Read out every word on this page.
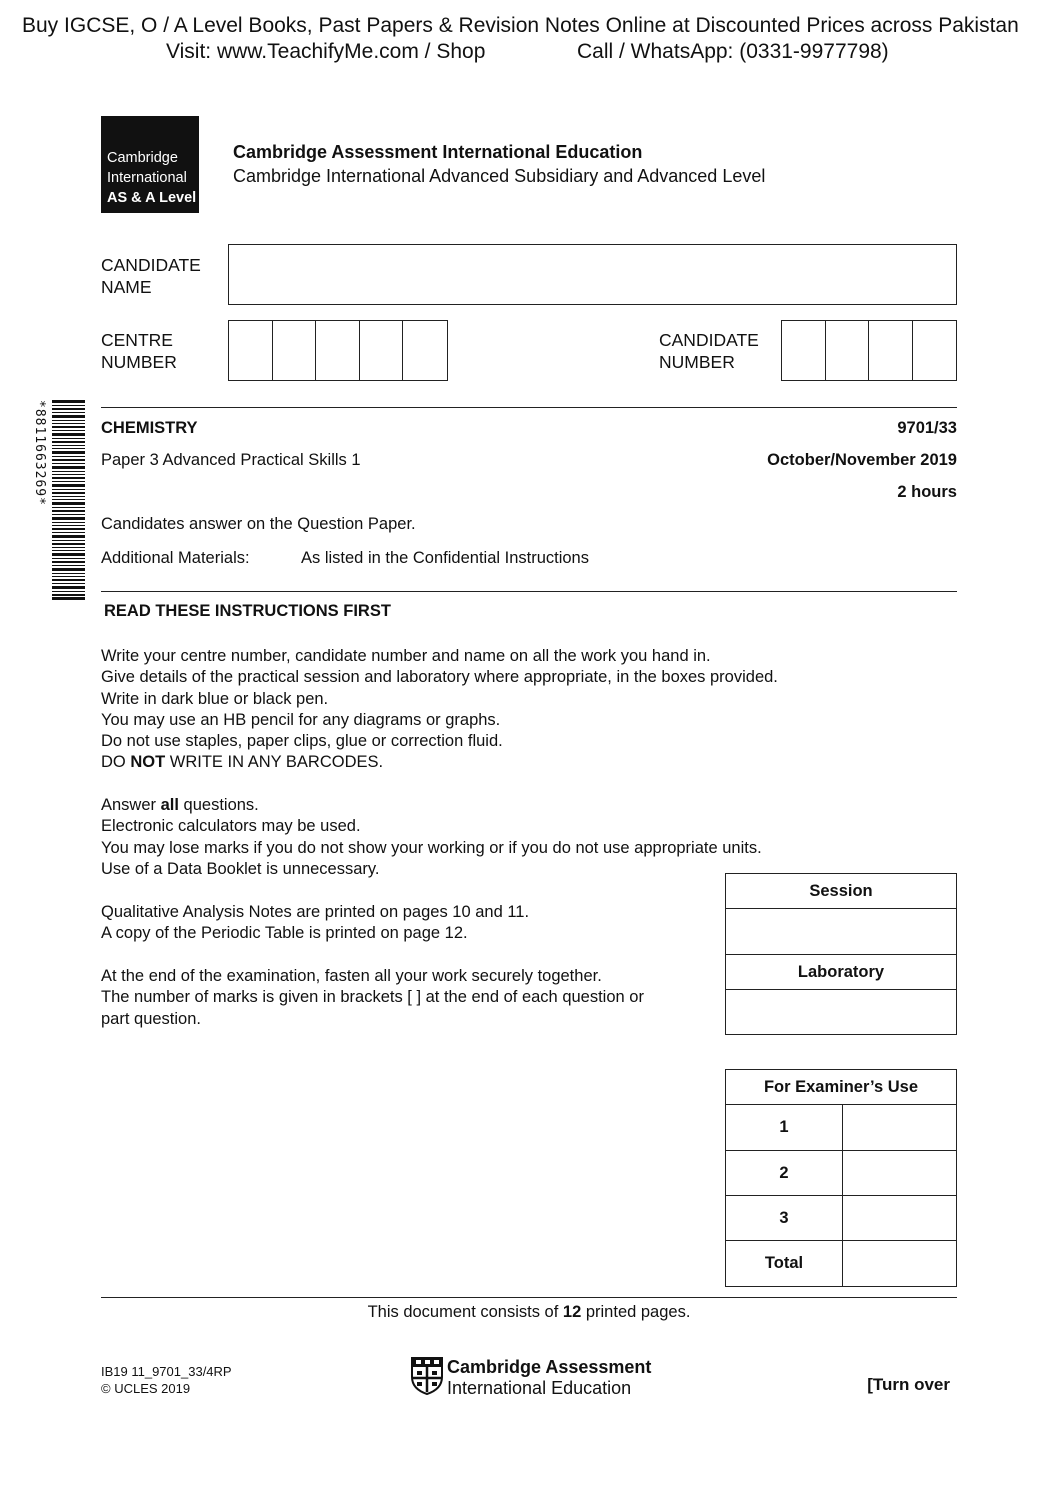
Buy IGCSE, O / A Level Books, Past Papers & Revision Notes Online at Discounted Prices across Pakistan
Visit: www.TeachifyMe.com / Shop	Call / WhatsApp: (0331-9977798)
Cambridge
International
AS & A Level
Cambridge Assessment International Education
Cambridge International Advanced Subsidiary and Advanced Level
CANDIDATE
NAME
CENTRE
NUMBER
CANDIDATE
NUMBER
*8811663269*	CHEMISTRY	9701/33
Paper 3 Advanced Practical Skills 1	October/November 2019
2 hours
Candidates answer on the Question Paper.
Additional Materials:	As listed in the Confidential Instructions
READ THESE INSTRUCTIONS FIRST
Write your centre number, candidate number and name on all the work you hand in.
Give details of the practical session and laboratory where appropriate, in the boxes provided.
Write in dark blue or black pen.
You may use an HB pencil for any diagrams or graphs.
Do not use staples, paper clips, glue or correction fluid.
DO NOT WRITE IN ANY BARCODES.
Answer all questions.
Electronic calculators may be used.
You may lose marks if you do not show your working or if you do not use appropriate units.
Use of a Data Booklet is unnecessary.
Qualitative Analysis Notes are printed on pages 10 and 11.
A copy of the Periodic Table is printed on page 12.
At the end of the examination, fasten all your work securely together.
The number of marks is given in brackets [ ] at the end of each question or
part question.
Session

Laboratory

For Examiner’s Use	
1	
2	
3	
Total	
This document consists of 12 printed pages.
IB19 11_9701_33/4RP
© UCLES 2019
Cambridge Assessment
International Education	[Turn over
